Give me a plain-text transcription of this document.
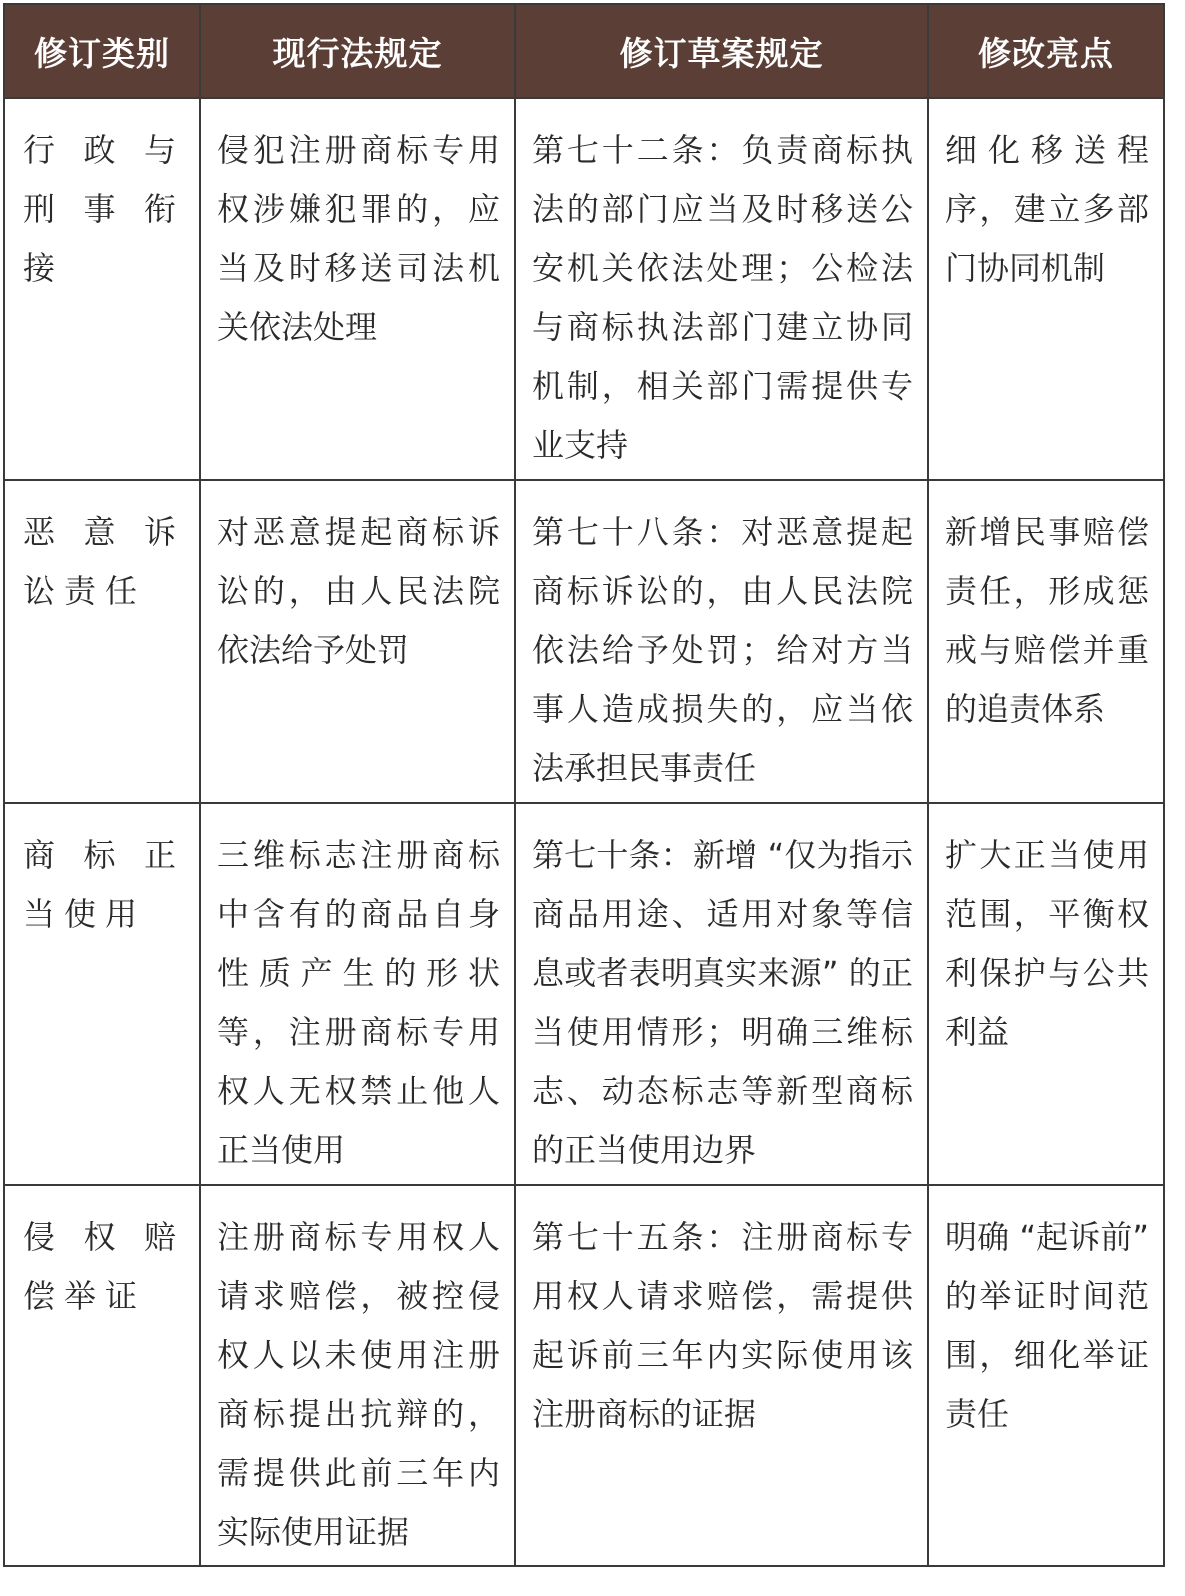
修订类别	现行法规定	修订草案规定	修改亮点
行政与刑事衔接	侵犯注册商标专用权涉嫌犯罪的，应当及时移送司法机关依法处理	第七十二条：负责商标执法的部门应当及时移送公安机关依法处理；公检法与商标执法部门建立协同机制，相关部门需提供专业支持	细化移送程序，建立多部门协同机制
恶意诉讼责任	对恶意提起商标诉讼的，由人民法院依法给予处罚	第七十八条：对恶意提起商标诉讼的，由人民法院依法给予处罚；给对方当事人造成损失的，应当依法承担民事责任	新增民事赔偿责任，形成惩戒与赔偿并重的追责体系
商标正当使用	三维标志注册商标中含有的商品自身性质产生的形状等，注册商标专用权人无权禁止他人正当使用	第七十条：新增 “仅为指示商品用途、适用对象等信息或者表明真实来源” 的正当使用情形；明确三维标志、动态标志等新型商标的正当使用边界	扩大正当使用范围，平衡权利保护与公共利益
侵权赔偿举证	注册商标专用权人请求赔偿，被控侵权人以未使用注册商标提出抗辩的，需提供此前三年内实际使用证据	第七十五条：注册商标专用权人请求赔偿，需提供起诉前三年内实际使用该注册商标的证据	明确 “起诉前” 的举证时间范围，细化举证责任
